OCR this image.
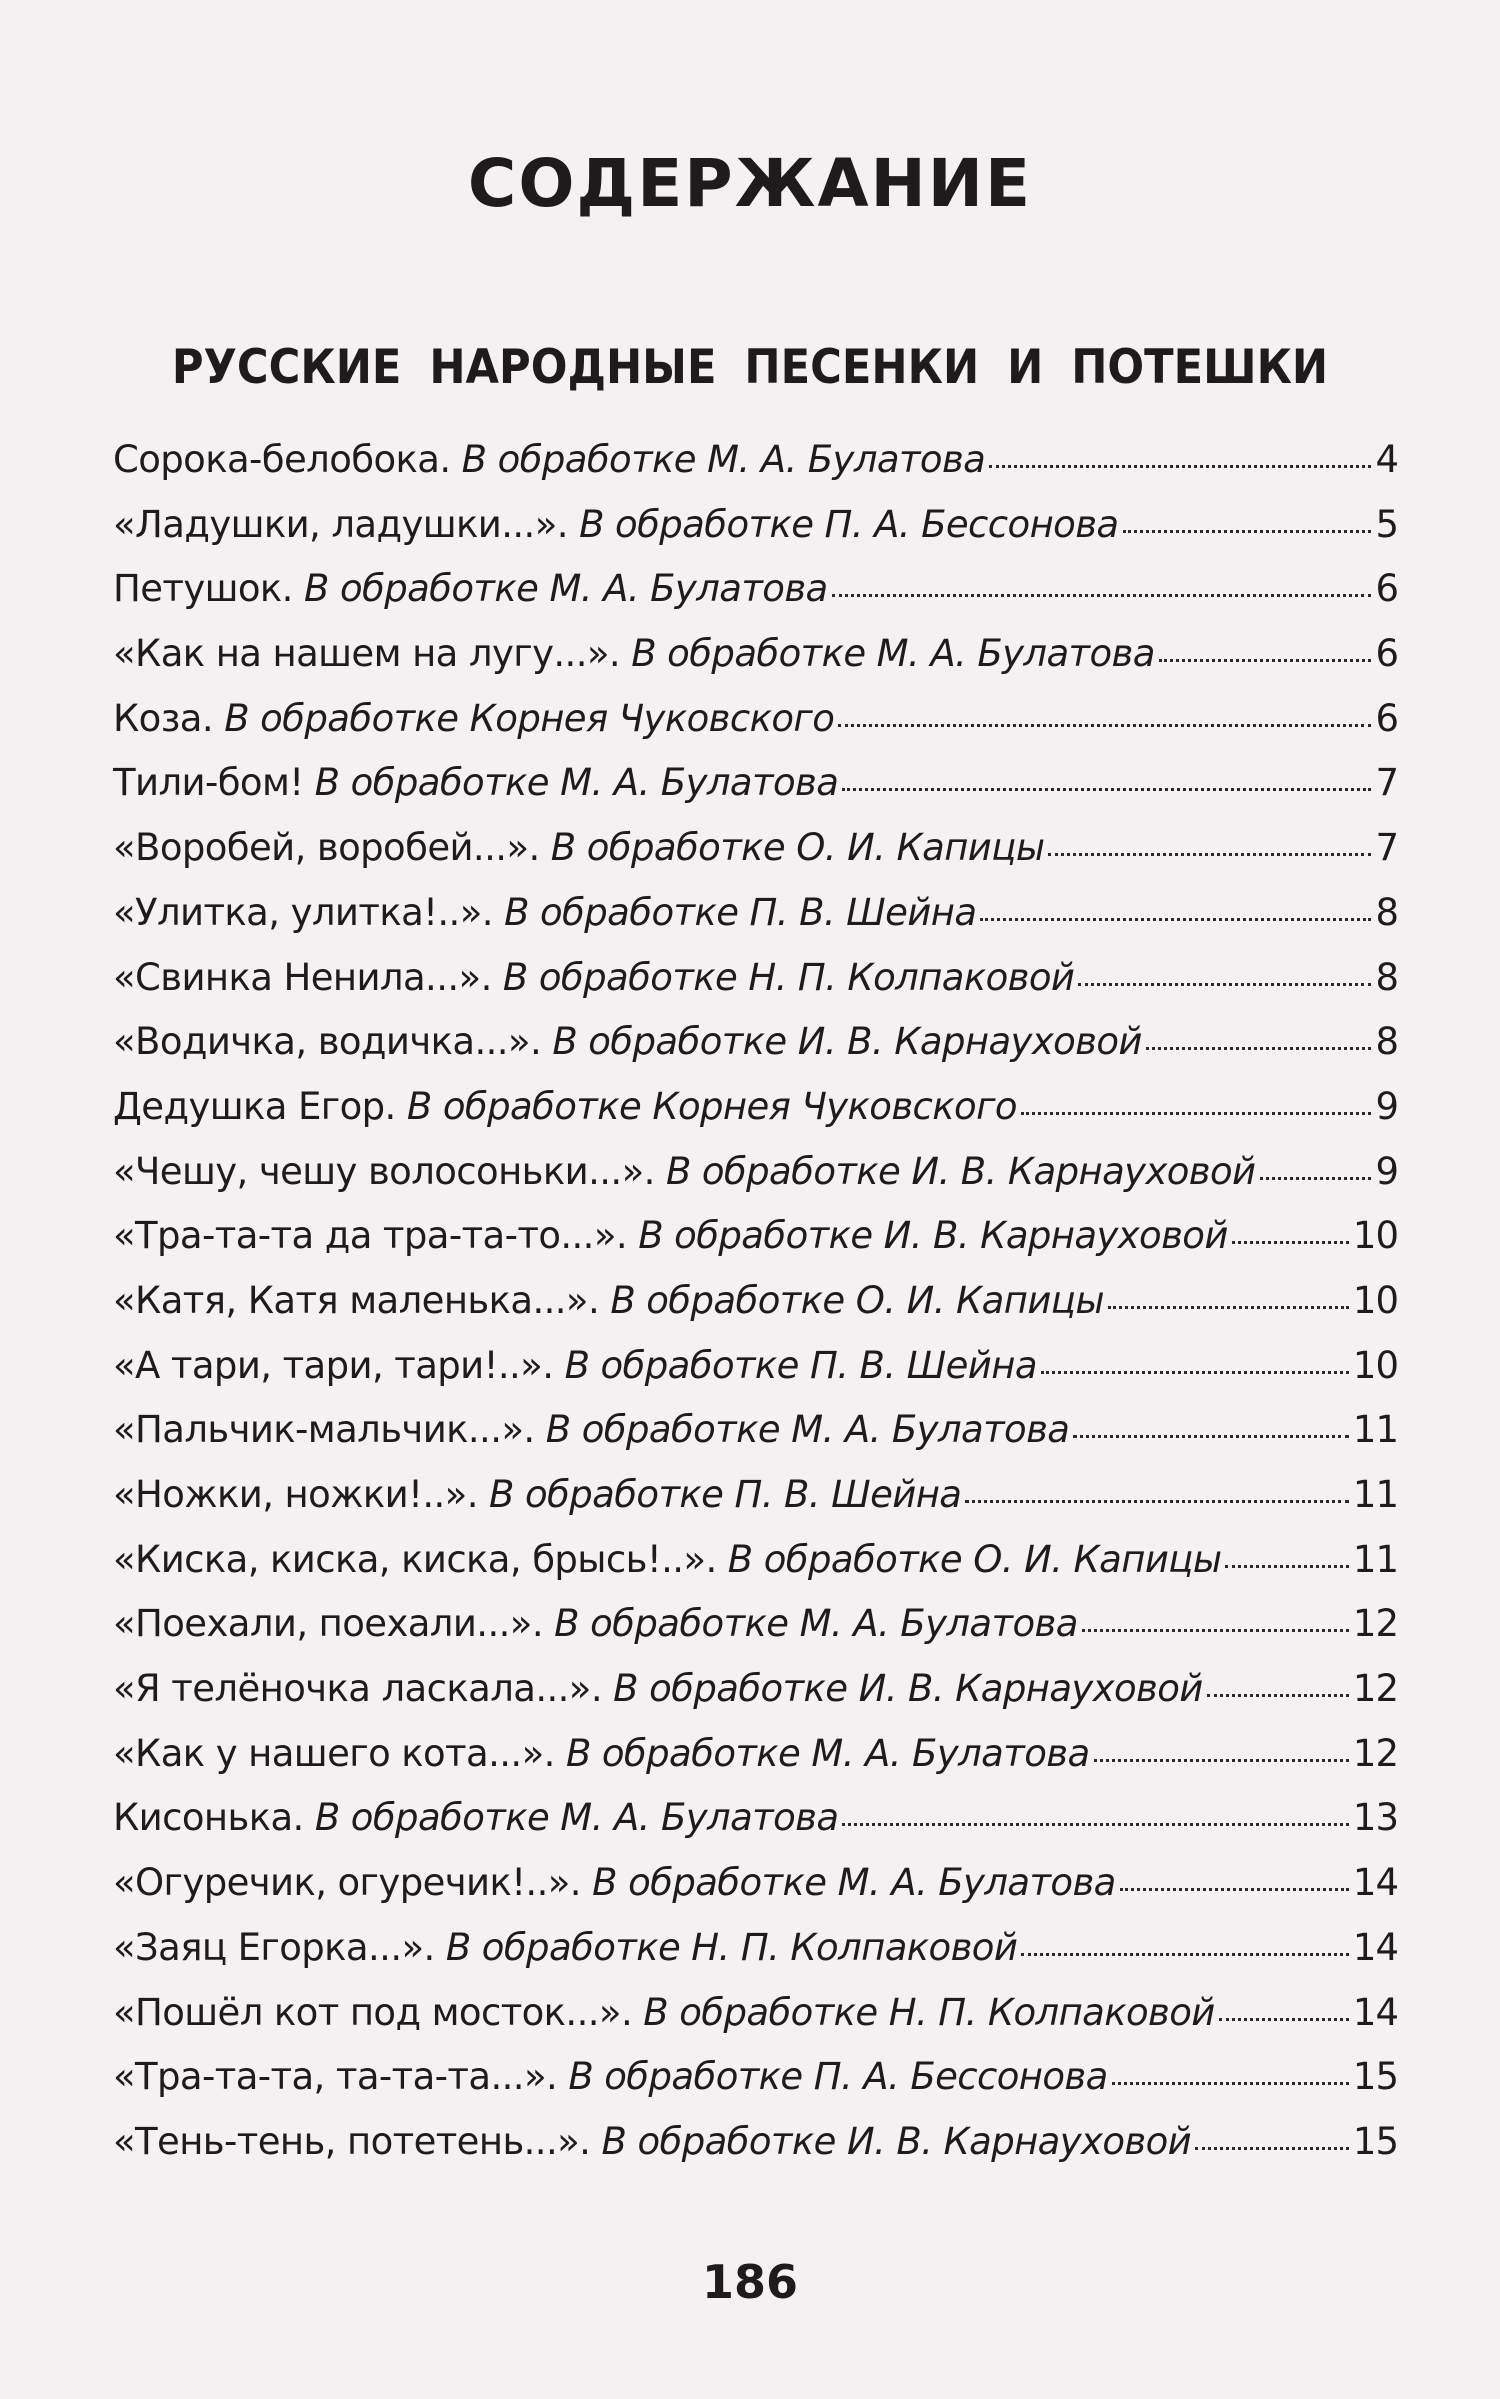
СОДЕРЖАНИЕ
РУССКИЕ НАРОДНЫЕ ПЕСЕНКИ И ПОТЕШКИ
Сорока-белобока. В обработке М. А. Булатова	4
«Ладушки, ладушки...». В обработке П. А. Бессонова	5
Петушок. В обработке М. А. Булатова	6
«Как на нашем на лугу...». В обработке М. А. Булатова	6
Коза. В обработке Корнея Чуковского	6
Тили-бом! В обработке М. А. Булатова	7
«Воробей, воробей...». В обработке О. И. Капицы	7
«Улитка, улитка!..». В обработке П. В. Шейна	8
«Свинка Ненила...». В обработке Н. П. Колпаковой	8
«Водичка, водичка...». В обработке И. В. Карнауховой	8
Дедушка Егор. В обработке Корнея Чуковского	9
«Чешу, чешу волосоньки...». В обработке И. В. Карнауховой	9
«Тра-та-та да тра-та-то...». В обработке И. В. Карнауховой	10
«Катя, Катя маленька...». В обработке О. И. Капицы	10
«А тари, тари, тари!..». В обработке П. В. Шейна	10
«Пальчик-мальчик...». В обработке М. А. Булатова	11
«Ножки, ножки!..». В обработке П. В. Шейна	11
«Киска, киска, киска, брысь!..». В обработке О. И. Капицы	11
«Поехали, поехали...». В обработке М. А. Булатова	12
«Я телёночка ласкала...». В обработке И. В. Карнауховой	12
«Как у нашего кота...». В обработке М. А. Булатова	12
Кисонька. В обработке М. А. Булатова	13
«Огуречик, огуречик!..». В обработке М. А. Булатова	14
«Заяц Егорка...». В обработке Н. П. Колпаковой	14
«Пошёл кот под мосток...». В обработке Н. П. Колпаковой	14
«Тра-та-та, та-та-та...». В обработке П. А. Бессонова	15
«Тень-тень, потетень...». В обработке И. В. Карнауховой	15
186
